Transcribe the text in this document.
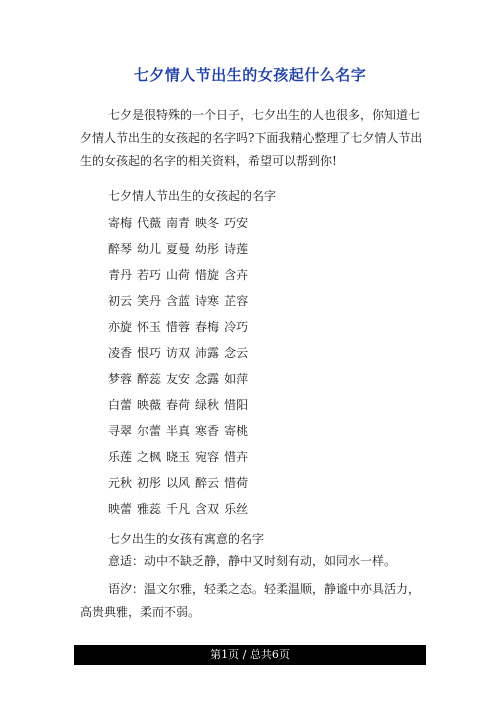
七夕情人节出生的女孩起什么名字

七夕是很特殊的一个日子，七夕出生的人也很多，你知道七夕情人节出生的女孩起的名字吗?下面我精心整理了七夕情人节出生的女孩起的名字的相关资料，希望可以帮到你!

七夕情人节出生的女孩起的名字
寄梅 代薇 南青 映冬 巧安
醉琴 幼儿 夏曼 幼彤 诗莲
青丹 若巧 山荷 惜旋 含卉
初云 笑丹 含蓝 诗寒 芷容
亦旋 怀玉 惜蓉 春梅 冷巧
凌香 恨巧 访双 沛露 念云
梦蓉 醉蕊 友安 念露 如萍
白蕾 映薇 春荷 绿秋 惜阳
寻翠 尔蕾 半真 寒香 寄桃
乐莲 之枫 晓玉 宛容 惜卉
元秋 初彤 以风 醉云 惜荷
映蕾 雅蕊 千凡 含双 乐丝
七夕出生的女孩有寓意的名字

意适：动中不缺乏静，静中又时刻有动，如同水一样。

语汐：温文尔雅，轻柔之态。轻柔温顺，静谧中亦具活力，高贵典雅，柔而不弱。

第1页 / 总共6页
